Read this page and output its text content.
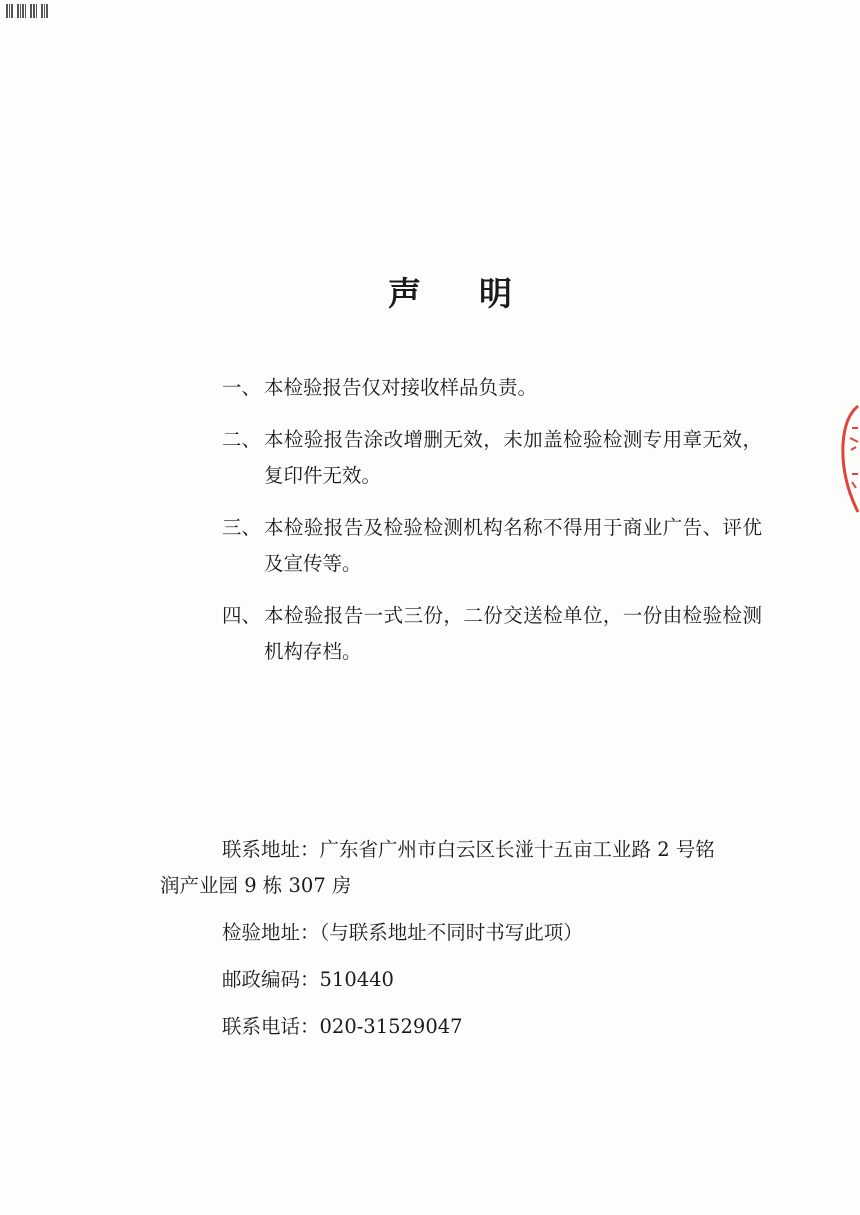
声 明
一、 本检验报告仅对接收样品负责。
二、 本检验报告涂改增删无效，未加盖检验检测专用章无效，复印件无效。
三、 本检验报告及检验检测机构名称不得用于商业广告、评优及宣传等。
四、 本检验报告一式三份，二份交送检单位，一份由检验检测机构存档。
联系地址：广东省广州市白云区长湴十五亩工业路 2 号铭
润产业园 9 栋 307 房
检验地址：（与联系地址不同时书写此项）
邮政编码：510440
联系电话：020-31529047
